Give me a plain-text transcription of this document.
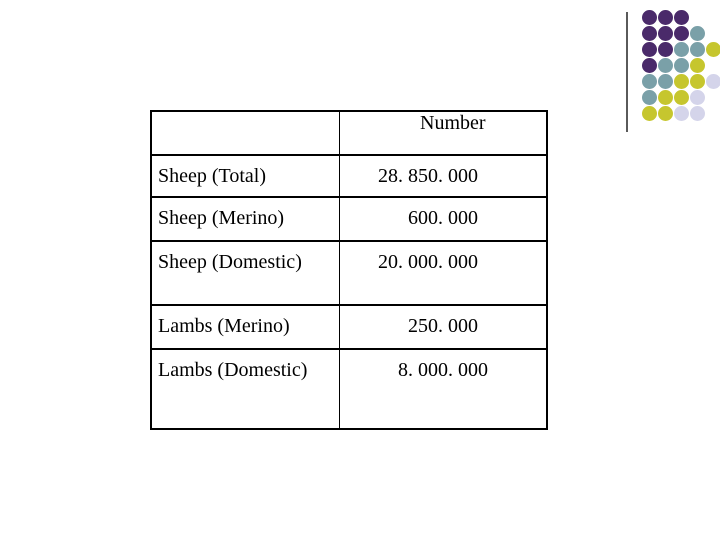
	Number
Sheep (Total)	28. 850. 000
Sheep (Merino)	600. 000
Sheep (Domestic)	20. 000. 000
Lambs (Merino)	250. 000
Lambs (Domestic)	8. 000. 000
